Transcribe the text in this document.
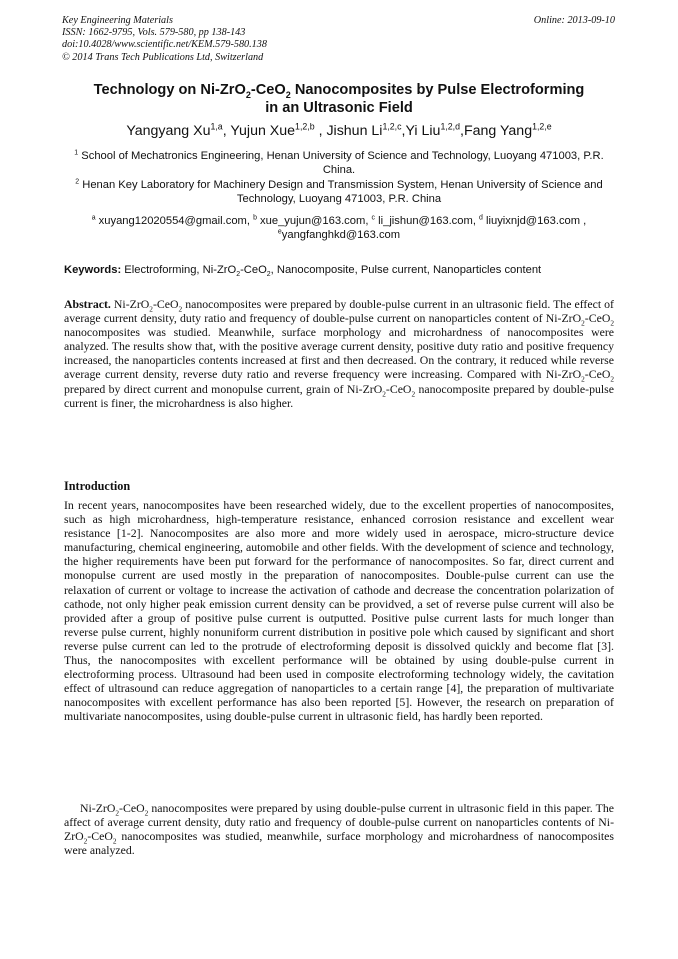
Key Engineering Materials
ISSN: 1662-9795, Vols. 579-580, pp 138-143
doi:10.4028/www.scientific.net/KEM.579-580.138
© 2014 Trans Tech Publications Ltd, Switzerland
Online: 2013-09-10
Technology on Ni-ZrO$_2$-CeO$_2$ Nanocomposites by Pulse Electroforming
in an Ultrasonic Field
Yangyang Xu$^{1,a}$, Yujun Xue$^{1,2,b}$ , Jishun Li$^{1,2,c}$,Yi Liu$^{1,2,d}$,Fang Yang$^{1,2,e}$
$^1$ School of Mechatronics Engineering, Henan University of Science and Technology, Luoyang 471003, P.R. China.
$^2$ Henan Key Laboratory for Machinery Design and Transmission System, Henan University of Science and Technology, Luoyang 471003, P.R. China
$^a$ xuyang12020554@gmail.com, $^b$ xue_yujun@163.com, $^c$ li_jishun@163.com, $^d$ liuyixnjd@163.com ,
$^e$yangfanghkd@163.com
Keywords: Electroforming, Ni-ZrO$_2$-CeO$_2$, Nanocomposite, Pulse current, Nanoparticles content
Abstract. Ni-ZrO$_2$-CeO$_2$ nanocomposites were prepared by double-pulse current in an ultrasonic field. The effect of average current density, duty ratio and frequency of double-pulse current on nanoparticles content of Ni-ZrO$_2$-CeO$_2$ nanocomposites was studied. Meanwhile, surface morphology and microhardness of nanocomposites were analyzed. The results show that, with the positive average current density, positive duty ratio and positive frequency increased, the nanoparticles contents increased at first and then decreased. On the contrary, it reduced while reverse average current density, reverse duty ratio and reverse frequency were increasing. Compared with Ni-ZrO$_2$-CeO$_2$ prepared by direct current and monopulse current, grain of Ni-ZrO$_2$-CeO$_2$ nanocomposite prepared by double-pulse current is finer, the microhardness is also higher.
Introduction
In recent years, nanocomposites have been researched widely, due to the excellent properties of nanocomposites, such as high microhardness, high-temperature resistance, enhanced corrosion resistance and excellent wear resistance [1-2]. Nanocomposites are also more and more widely used in aerospace, micro-structure device manufacturing, chemical engineering, automobile and other fields. With the development of science and technology, the higher requirements have been put forward for the performance of nanocomposites. So far, direct current and monopulse current are used mostly in the preparation of nanocomposites. Double-pulse current can use the relaxation of current or voltage to increase the activation of cathode and decrease the concentration polarization of cathode, not only higher peak emission current density can be providved, a set of reverse pulse current will also be provided after a group of positive pulse current is outputted. Positive pulse current lasts for much longer than reverse pulse current, highly nonuniform current distribution in positive pole which caused by significant and short reverse pulse current can led to the protrude of electroforming deposit is dissolved quickly and become flat [3]. Thus, the nanocomposites with excellent performance will be obtained by using double-pulse current in electroforming process. Ultrasound had been used in composite electroforming technology widely, the cavitation effect of ultrasound can reduce aggregation of nanoparticles to a certain range [4], the preparation of multivariate nanocomposites with excellent performance has also been reported [5]. However, the research on preparation of multivariate nanocomposites, using double-pulse current in ultrasonic field, has hardly been reported.
Ni-ZrO$_2$-CeO$_2$ nanocomposites were prepared by using double-pulse current in ultrasonic field in this paper. The affect of average current density, duty ratio and frequency of double-pulse current on nanoparticles contents of Ni-ZrO$_2$-CeO$_2$ nanocomposites was studied, meanwhile, surface morphology and microhardness of nanocomposites were analyzed.
